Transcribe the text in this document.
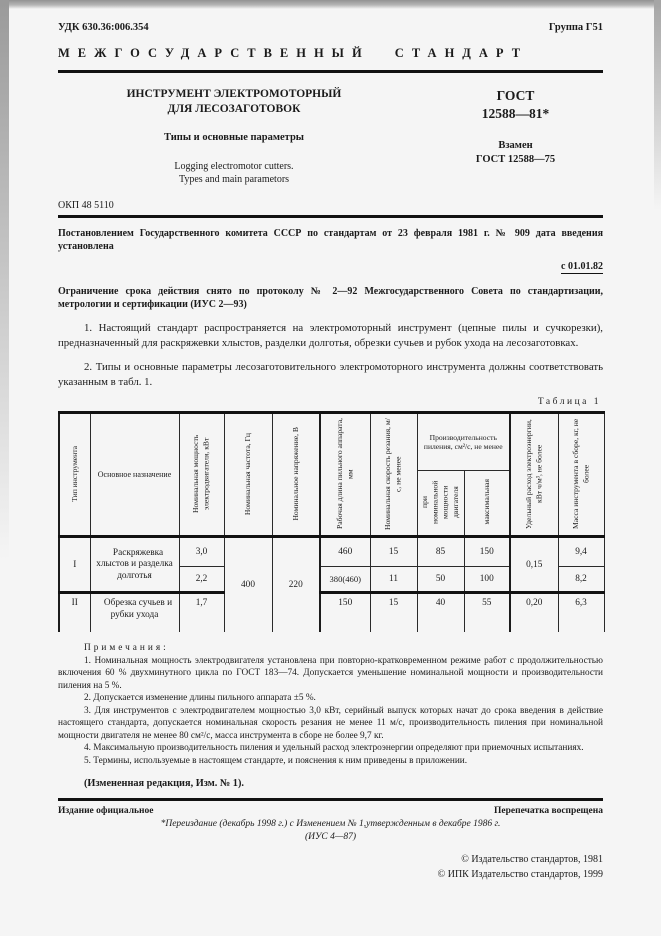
УДК 630.36:006.354	Группа Г51
МЕЖГОСУДАРСТВЕННЫЙ СТАНДАРТ
ИНСТРУМЕНТ ЭЛЕКТРОМОТОРНЫЙ
ДЛЯ ЛЕСОЗАГОТОВОК
Типы и основные параметры
Logging electromotor cutters.
Types and main parametors
ГОСТ
12588—81*
Взамен
ГОСТ 12588—75
ОКП 48 5110
Постановлением Государственного комитета СССР по стандартам от 23 февраля 1981 г. № 909 дата введения установлена
с 01.01.82
Ограничение срока действия снято по протоколу № 2—92 Межгосударственного Совета по стандартизации, метрологии и сертификации (ИУС 2—93)
1. Настоящий стандарт распространяется на электромоторный инструмент (цепные пилы и сучкорезки), предназначенный для раскряжевки хлыстов, разделки долготья, обрезки сучьев и рубок ухода на лесозаготовках.
2. Типы и основные параметры лесозаготовительного электромоторного инструмента должны соответствовать указанным в табл. 1.
Таблица 1
Тип инструмента	Основное назначение	Номинальная мощность электродвигателя, кВт	Номинальная частота, Гц	Номинальное напряжение, В	Рабочая длина пильного аппарата, мм	Номинальная скорость резания, м/с, не менее	Производительность пиления, см²/с, не менее		Удельный расход электроэнергии, кВт ч/м³, не более	Масса инструмента в сборе, кг, не более
							при номинальной мощности двигателя	максимальная		
I	Раскряжевка хлыстов и разделка долготья	3,0	400	220	460	15	85	150	0,15	9,4
		2,2			380(460)	11	50	100		8,2
II	Обрезка сучьев и рубки ухода	1,7			150	15	40	55	0,20	6,3

Примечания:

1. Номинальная мощность электродвигателя установлена при повторно-кратковременном режиме работ с продолжительностью включения 60 % двухминутного цикла по ГОСТ 183—74. Допускается уменьшение номинальной мощности и производительности пиления на 5 %.

2. Допускается изменение длины пильного аппарата ±5 %.

3. Для инструментов с электродвигателем мощностью 3,0 кВт, серийный выпуск которых начат до срока введения в действие настоящего стандарта, допускается номинальная скорость резания не менее 11 м/с, производительность пиления при номинальной мощности двигателя не менее 80 см²/с, масса инструмента в сборе не более 9,7 кг.

4. Максимальную производительность пиления и удельный расход электроэнергии определяют при приемочных испытаниях.

5. Термины, используемые в настоящем стандарте, и пояснения к ним приведены в приложении.

(Измененная редакция, Изм. № 1).
Издание официальное	Перепечатка воспрещена
*Переиздание (декабрь 1998 г.) с Изменением № 1,утвержденным в декабре 1986 г.
(ИУС 4—87)
© Издательство стандартов, 1981
© ИПК Издательство стандартов, 1999
